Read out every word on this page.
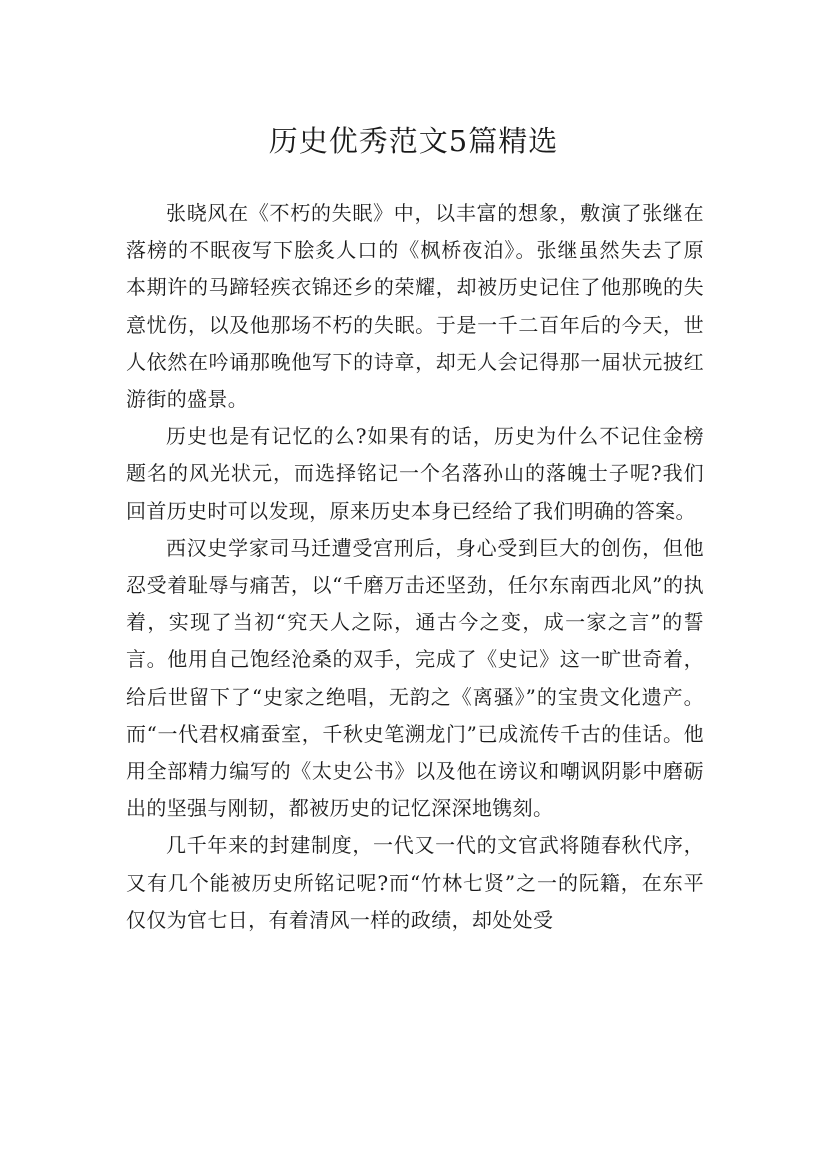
历史优秀范文5篇精选

张晓风在《不朽的失眠》中，以丰富的想象，敷演了张继在落榜的不眠夜写下脍炙人口的《枫桥夜泊》。张继虽然失去了原本期许的马蹄轻疾衣锦还乡的荣耀，却被历史记住了他那晚的失意忧伤，以及他那场不朽的失眠。于是一千二百年后的今天，世人依然在吟诵那晚他写下的诗章，却无人会记得那一届状元披红游街的盛景。

历史也是有记忆的么?如果有的话，历史为什么不记住金榜题名的风光状元，而选择铭记一个名落孙山的落魄士子呢?我们回首历史时可以发现，原来历史本身已经给了我们明确的答案。

西汉史学家司马迁遭受宫刑后，身心受到巨大的创伤，但他忍受着耻辱与痛苦，以“千磨万击还坚劲，任尔东南西北风”的执着，实现了当初“究天人之际，通古今之变，成一家之言”的誓言。他用自己饱经沧桑的双手，完成了《史记》这一旷世奇着，给后世留下了“史家之绝唱，无韵之《离骚》”的宝贵文化遗产。而“一代君权痛蚕室，千秋史笔溯龙门”已成流传千古的佳话。他用全部精力编写的《太史公书》以及他在谤议和嘲讽阴影中磨砺出的坚强与刚韧，都被历史的记忆深深地镌刻。

几千年来的封建制度，一代又一代的文官武将随春秋代序，又有几个能被历史所铭记呢?而“竹林七贤”之一的阮籍，在东平仅仅为官七日，有着清风一样的政绩，却处处受
